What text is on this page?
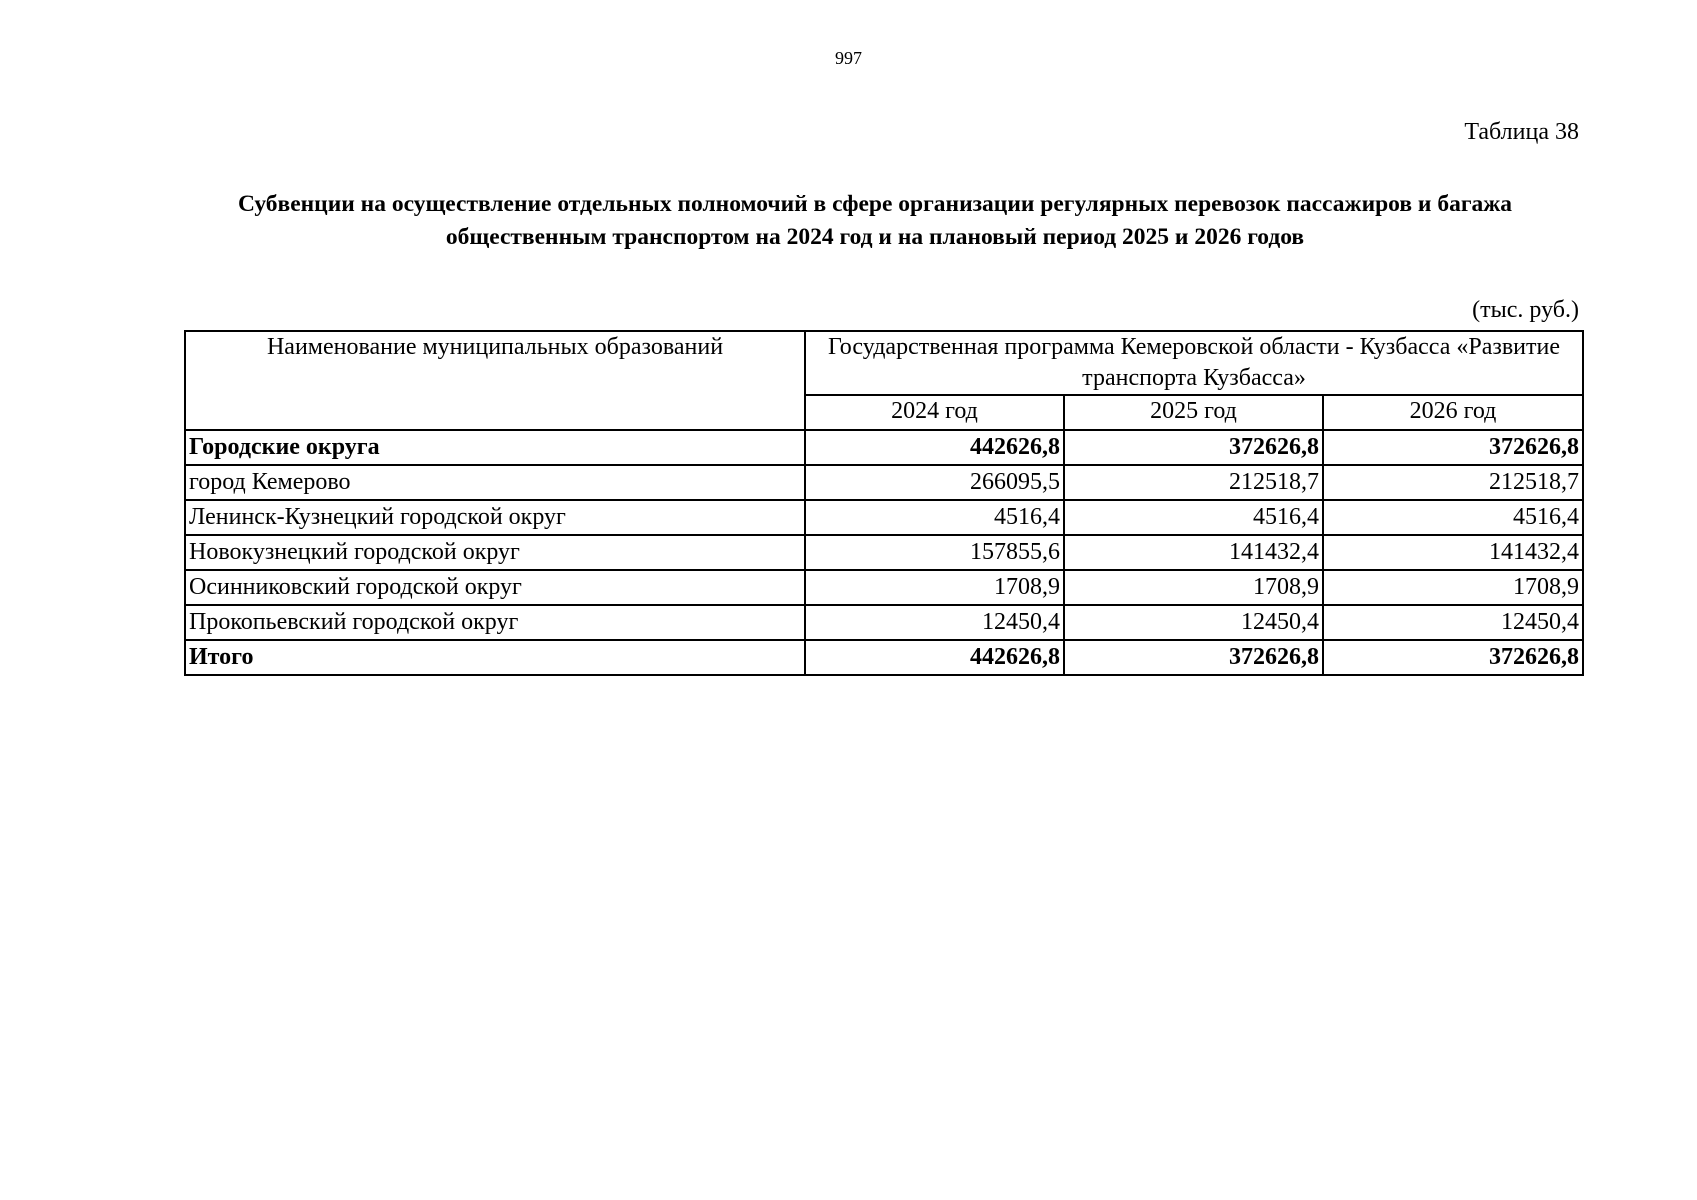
997
Таблица 38
Субвенции на осуществление отдельных полномочий в сфере организации регулярных перевозок пассажиров и багажа общественным транспортом на 2024 год и на плановый период 2025 и 2026 годов
(тыс. руб.)
Наименование муниципальных образований	Государственная программа Кемеровской области - Кузбасса «Развитие транспорта Кузбасса»		
	2024 год	2025 год	2026 год
Городские округа	442626,8	372626,8	372626,8
город Кемерово	266095,5	212518,7	212518,7
Ленинск-Кузнецкий городской округ	4516,4	4516,4	4516,4
Новокузнецкий городской округ	157855,6	141432,4	141432,4
Осинниковский городской округ	1708,9	1708,9	1708,9
Прокопьевский городской округ	12450,4	12450,4	12450,4
Итого	442626,8	372626,8	372626,8
